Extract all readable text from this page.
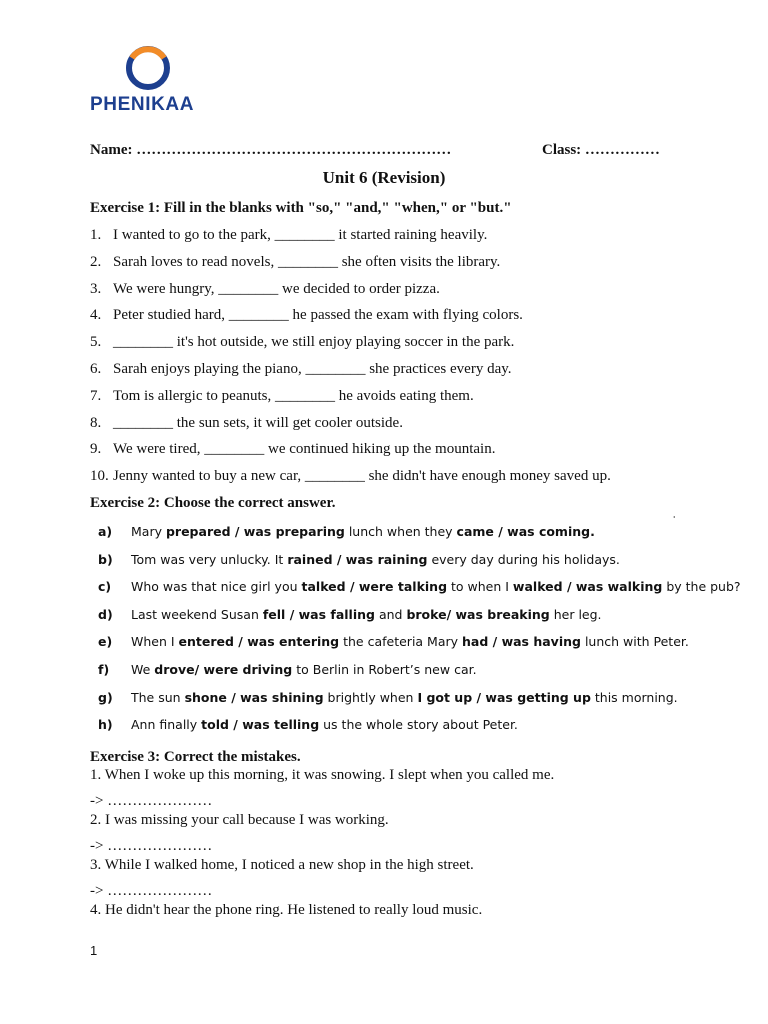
PHENIKAA
Name: ………………………………………………………	Class: ……………
Unit 6 (Revision)
Exercise 1: Fill in the blanks with "so," "and," "when," or "but."
1. I wanted to go to the park, ________ it started raining heavily.
2. Sarah loves to read novels, ________ she often visits the library.
3. We were hungry, ________ we decided to order pizza.
4. Peter studied hard, ________ he passed the exam with flying colors.
5. ________ it's hot outside, we still enjoy playing soccer in the park.
6. Sarah enjoys playing the piano, ________ she practices every day.
7. Tom is allergic to peanuts, ________ he avoids eating them.
8. ________ the sun sets, it will get cooler outside.
9. We were tired, ________ we continued hiking up the mountain.
10. Jenny wanted to buy a new car, ________ she didn't have enough money saved up.
Exercise 2: Choose the correct answer.
ˈ
a) Mary prepared / was preparing lunch when they came / was coming.
b) Tom was very unlucky. It rained / was raining every day during his holidays.
c) Who was that nice girl you talked / were talking to when I walked / was walking by the pub?
d) Last weekend Susan fell / was falling and broke/ was breaking her leg.
e) When I entered / was entering the cafeteria Mary had / was having lunch with Peter.
f) We drove/ were driving to Berlin in Robert’s new car.
g) The sun shone / was shining brightly when I got up / was getting up this morning.
h) Ann finally told / was telling us the whole story about Peter.
Exercise 3: Correct the mistakes.
1. When I woke up this morning, it was snowing. I slept when you called me.
-> …………………
2. I was missing your call because I was working.
-> …………………
3. While I walked home, I noticed a new shop in the high street.
-> …………………
4. He didn't hear the phone ring. He listened to really loud music.
1
